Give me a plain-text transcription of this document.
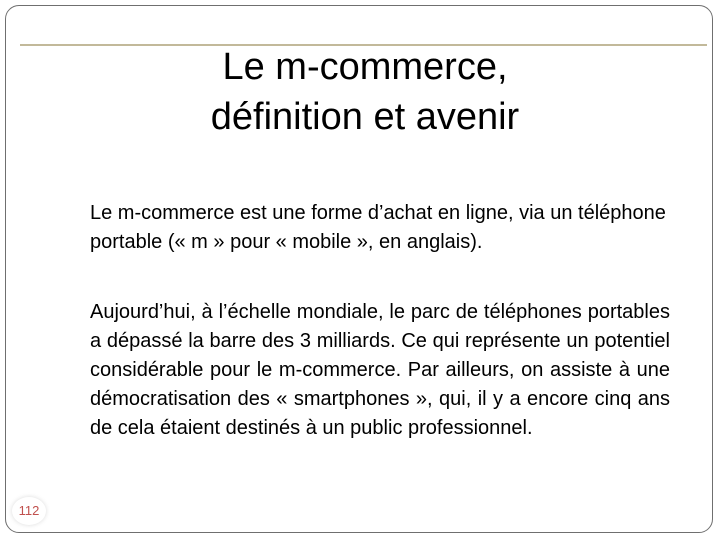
Le m-commerce,
définition et avenir

Le m-commerce est une forme d’achat en ligne, via un téléphone portable (« m » pour « mobile », en anglais).

Aujourd’hui, à l’échelle mondiale, le parc de téléphones portables a dépassé la barre des 3 milliards. Ce qui représente un potentiel considérable pour le m-commerce. Par ailleurs, on assiste à une démocratisation des « smartphones », qui, il y a encore cinq ans de cela étaient destinés à un public professionnel.

112
